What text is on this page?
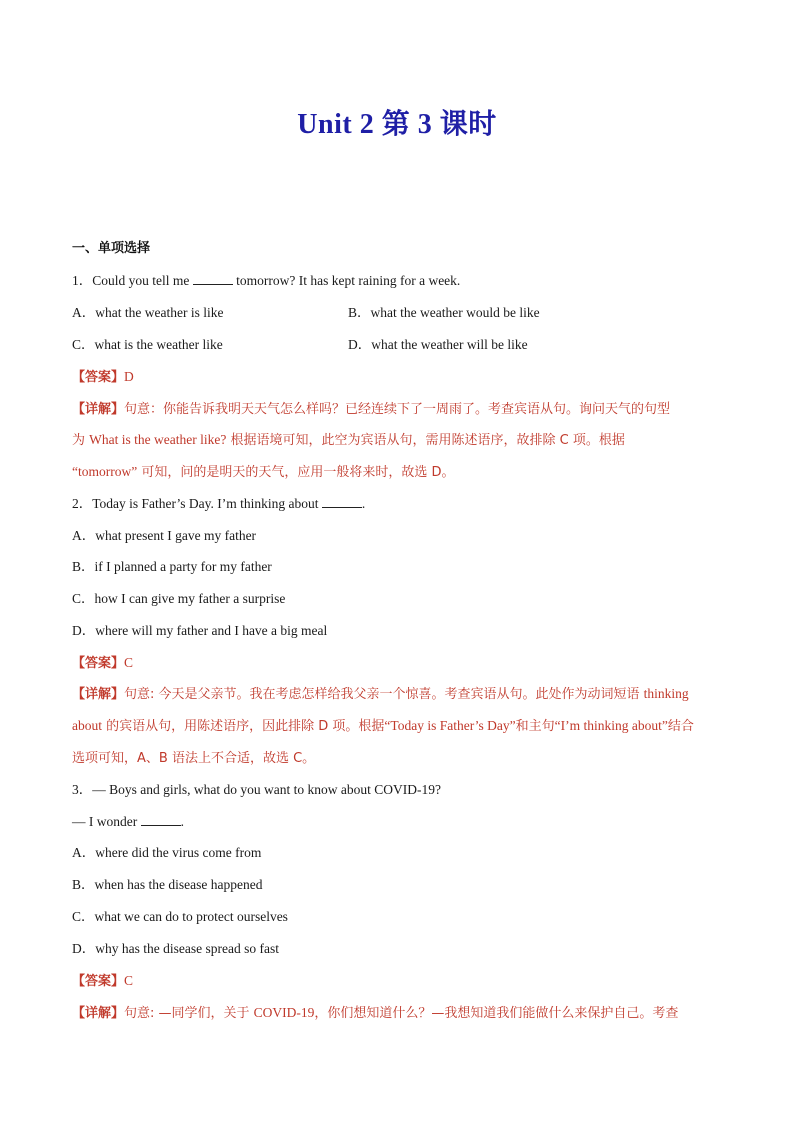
Unit 2 第 3 课时
一、单项选择
1．Could you tell me	tomorrow? It has kept raining for a week.
A．what the weather is like	B．what the weather would be like
C．what is the weather like	D．what the weather will be like
【答案】D
【详解】句意：你能告诉我明天天气怎么样吗？已经连续下了一周雨了。考查宾语从句。询问天气的句型
为 What is the weather like? 根据语境可知，此空为宾语从句，需用陈述语序，故排除 C 项。根据
“tomorrow” 可知，问的是明天的天气，应用一般将来时，故选 D。
2．Today is Father’s Day. I’m thinking about	.
A．what present I gave my father
B．if I planned a party for my father
C．how I can give my father a surprise
D．where will my father and I have a big meal
【答案】C
【详解】句意: 今天是父亲节。我在考虑怎样给我父亲一个惊喜。考查宾语从句。此处作为动词短语 thinking
about 的宾语从句，用陈述语序，因此排除 D 项。根据“Today is Father’s Day”和主句“I’m thinking about”结合
选项可知，A、B 语法上不合适，故选 C。
3．— Boys and girls, what do you want to know about COVID-19?
— I wonder	.
A．where did the virus come from
B．when has the disease happened
C．what we can do to protect ourselves
D．why has the disease spread so fast
【答案】C
【详解】句意: —同学们，关于 COVID-19，你们想知道什么？—我想知道我们能做什么来保护自己。考查
